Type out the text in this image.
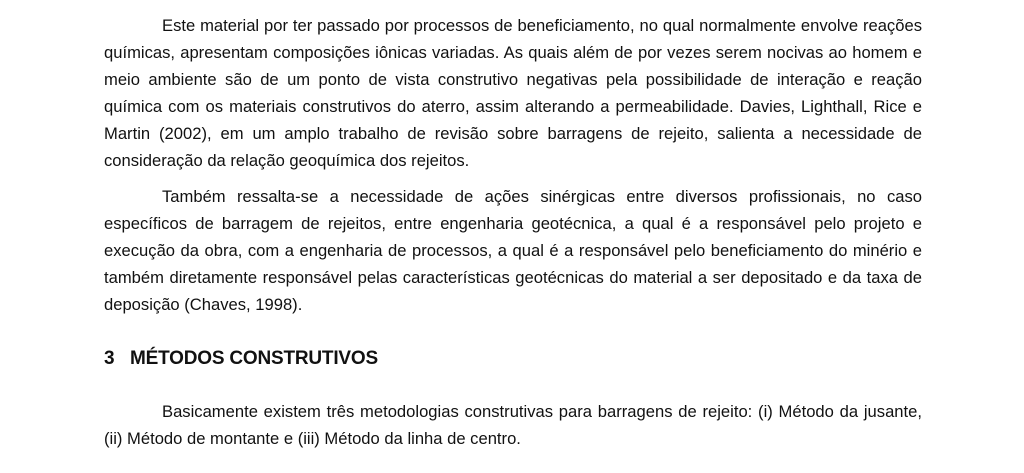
Este material por ter passado por processos de beneficiamento, no qual normalmente envolve reações químicas, apresentam composições iônicas variadas. As quais além de por vezes serem nocivas ao homem e meio ambiente são de um ponto de vista construtivo negativas pela possibilidade de interação e reação química com os materiais construtivos do aterro, assim alterando a permeabilidade. Davies, Lighthall, Rice e Martin (2002), em um amplo trabalho de revisão sobre barragens de rejeito, salienta a necessidade de consideração da relação geoquímica dos rejeitos.

Também ressalta-se a necessidade de ações sinérgicas entre diversos profissionais, no caso específicos de barragem de rejeitos, entre engenharia geotécnica, a qual é a responsável pelo projeto e execução da obra, com a engenharia de processos, a qual é a responsável pelo beneficiamento do minério e também diretamente responsável pelas características geotécnicas do material a ser depositado e da taxa de deposição (Chaves, 1998).

3 MÉTODOS CONSTRUTIVOS

Basicamente existem três metodologias construtivas para barragens de rejeito: (i) Método da jusante, (ii) Método de montante e (iii) Método da linha de centro.
